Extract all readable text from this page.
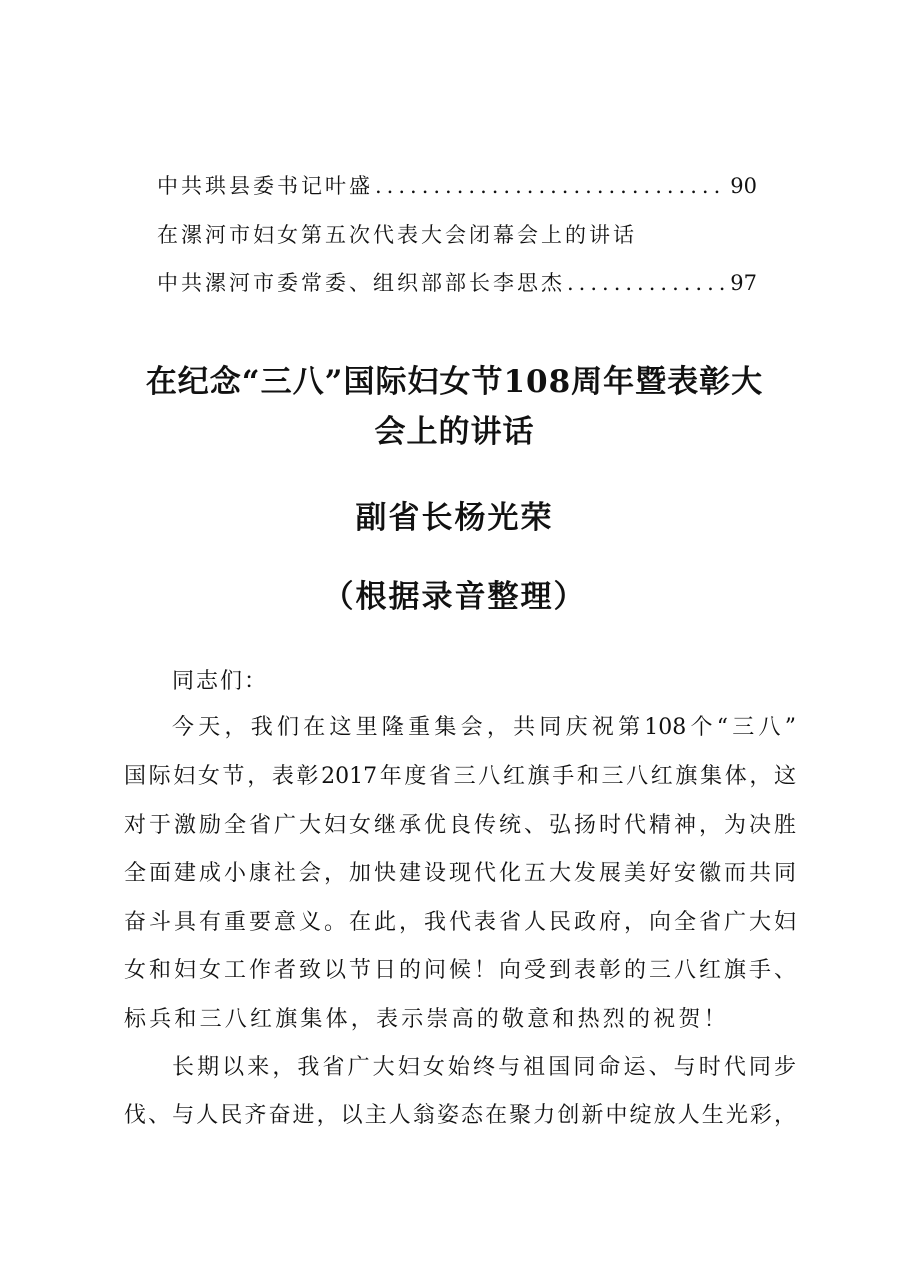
中共珙县委书记叶盛 .....	90
在漯河市妇女第五次代表大会闭幕会上的讲话
中共漯河市委常委、组织部部长李思杰 .....	97
在纪念“三八”国际妇女节108周年暨表彰大
会上的讲话
副省长杨光荣
（根据录音整理）
同志们：
今天，我们在这里隆重集会，共同庆祝第108个“三八”
国际妇女节，表彰2017年度省三八红旗手和三八红旗集体，这
对于激励全省广大妇女继承优良传统、弘扬时代精神，为决胜
全面建成小康社会，加快建设现代化五大发展美好安徽而共同
奋斗具有重要意义。在此，我代表省人民政府，向全省广大妇
女和妇女工作者致以节日的问候！向受到表彰的三八红旗手、
标兵和三八红旗集体，表示崇高的敬意和热烈的祝贺！
长期以来，我省广大妇女始终与祖国同命运、与时代同步
伐、与人民齐奋进，以主人翁姿态在聚力创新中绽放人生光彩，
